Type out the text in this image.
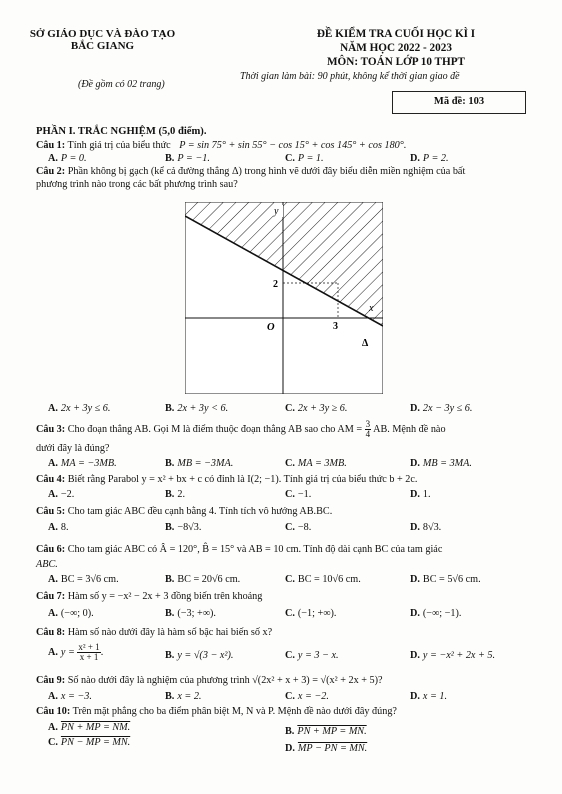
SỞ GIÁO DỤC VÀ ĐÀO TẠO
BẮC GIANG
(Đề gồm có 02 trang)
ĐỀ KIỂM TRA CUỐI HỌC KÌ I
NĂM HỌC 2022 - 2023
MÔN: TOÁN LỚP 10 THPT
Thời gian làm bài: 90 phút, không kể thời gian giao đề
Mã đề: 103
PHẦN I. TRẮC NGHIỆM (5,0 điểm).
Câu 1: Tính giá trị của biểu thức P = sin 75° + sin 55° − cos 15° + cos 145° + cos 180°.
A. P = 0.	B. P = −1.	C. P = 1.	D. P = 2.
Câu 2: Phần không bị gạch (kể cả đường thẳng Δ) trong hình vẽ dưới đây biểu diễn miền nghiệm của bất
phương trình nào trong các bất phương trình sau?
y
x
O
2
3
Δ
A. 2x + 3y ≤ 6.	B. 2x + 3y < 6.	C. 2x + 3y ≥ 6.	D. 2x − 3y ≤ 6.
Câu 3: Cho đoạn thẳng AB. Gọi M là điểm thuộc đoạn thẳng AB sao cho AM = $\frac{3}{4}$ AB. Mệnh đề nào
dưới đây là đúng?
A. MA = −3MB.	B. MB = −3MA.	C. MA = 3MB.	D. MB = 3MA.
Câu 4: Biết rằng Parabol y = x² + bx + c có đỉnh là I(2; −1). Tính giá trị của biểu thức b + 2c.
A. −2.	B. 2.	C. −1.	D. 1.
Câu 5: Cho tam giác ABC đều cạnh bằng 4. Tính tích vô hướng AB.BC.
A. 8.	B. −8√3.	C. −8.	D. 8√3.
Câu 6: Cho tam giác ABC có Â = 120°, B̂ = 15° và AB = 10 cm. Tính độ dài cạnh BC của tam giác
ABC.
A. BC = 3√6 cm.	B. BC = 20√6 cm.	C. BC = 10√6 cm.	D. BC = 5√6 cm.
Câu 7: Hàm số y = −x² − 2x + 3 đồng biến trên khoảng
A. (−∞; 0).	B. (−3; +∞).	C. (−1; +∞).	D. (−∞; −1).
Câu 8: Hàm số nào dưới đây là hàm số bậc hai biến số x?
A. $y = \frac{\text{x² + 1}}{x + 1}$ .	B. y = √(3 − x²).	C. y = 3 − x.	D. y = −x² + 2x + 5.
Câu 9: Số nào dưới đây là nghiệm của phương trình √(2x² + x + 3) = √(x² + 2x + 5)?
A. x = −3.	B. x = 2.	C. x = −2.	D. x = 1.
Câu 10: Trên mặt phẳng cho ba điểm phân biệt M, N và P. Mệnh đề nào dưới đây đúng?
A. PN + MP = NM.	B. PN + MP = MN.
C. PN − MP = MN.
D. MP − PN = MN.
